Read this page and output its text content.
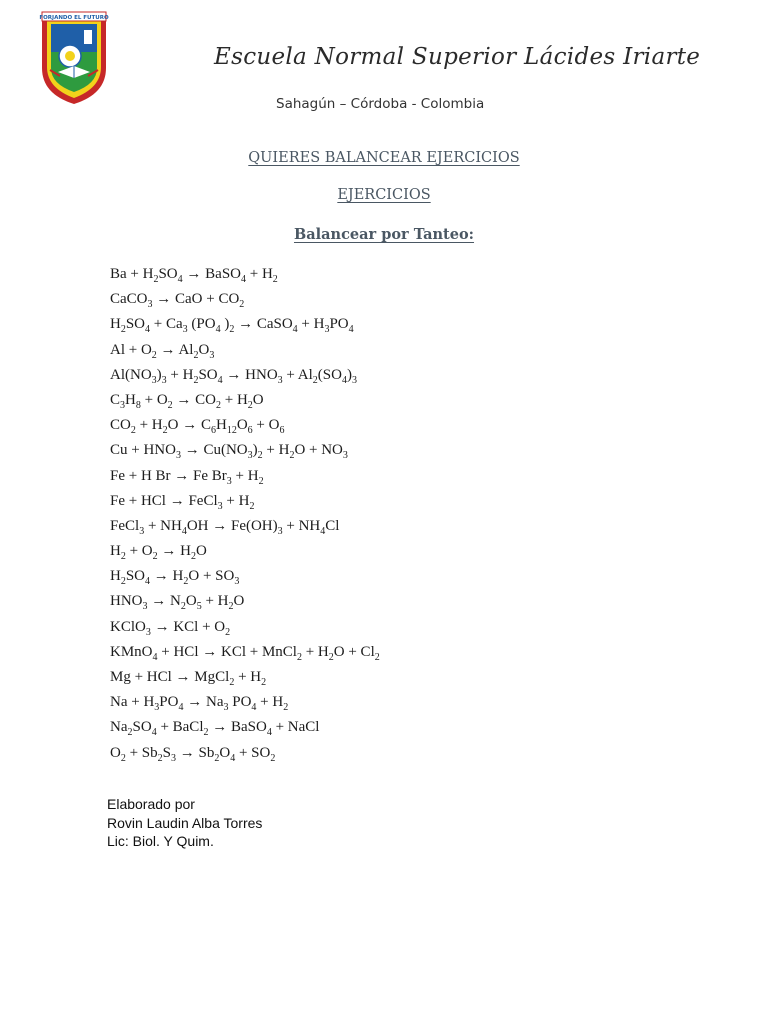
FORJANDO EL FUTURO
Escuela Normal Superior Lácides Iriarte
Sahagún – Córdoba - Colombia
QUIERES BALANCEAR EJERCICIOS
EJERCICIOS
Balancear por Tanteo:
$Ba + H_2SO_4$ → BaSO$_4$ + $H_2$
CaCO$_3$ → CaO + $CO_2$
$H_2SO_4 + Ca_3$ ($PO_4$ )$_2$ → CaSO$_4$ + $H_3PO_4$
$Al + O_2 \to Al_2O_3$
$Al(NO_3)_3 + H_2SO_4 \to HNO_3 + Al_2(SO_4)_3$
$C_3H_8 + O_2 \to CO_2 + H_2O$
$CO_2 + H_2O \to C_6H_{12}O_6 + O_6$
$Cu + HNO_3 \to Cu(NO_3)_2 + H_2O + NO_3$
Fe + H Br → Fe $Br_3 + H_2$
Fe + HCl → FeCl$_3$ + $H_2$
FeCl$_3$ + $NH_4OH \to Fe(OH)_3 + NH_4Cl$
$H_2 + O_2 \to H_2O$
$H_2SO_4 \to H_2O + SO_3$
$HNO_3 \to N_2O_5 + H_2O$
KClO$_3$ → KCl + $O_2$
KMnO$_4$ + HCl → KCl + MnCl$_2$ + $H_2O + Cl_2$
Mg + HCl → MgCl$_2$ + $H_2$
$Na + H_3PO_4 \to Na_3$ $PO_4 + H_2$
$Na_2SO_4$ + BaCl$_2$ → BaSO$_4$ + NaCl
$O_2 + Sb_2S_3 \to Sb_2O_4 + SO_2$
Elaborado por
Rovin Laudin Alba Torres
Lic: Biol. Y Quim.
